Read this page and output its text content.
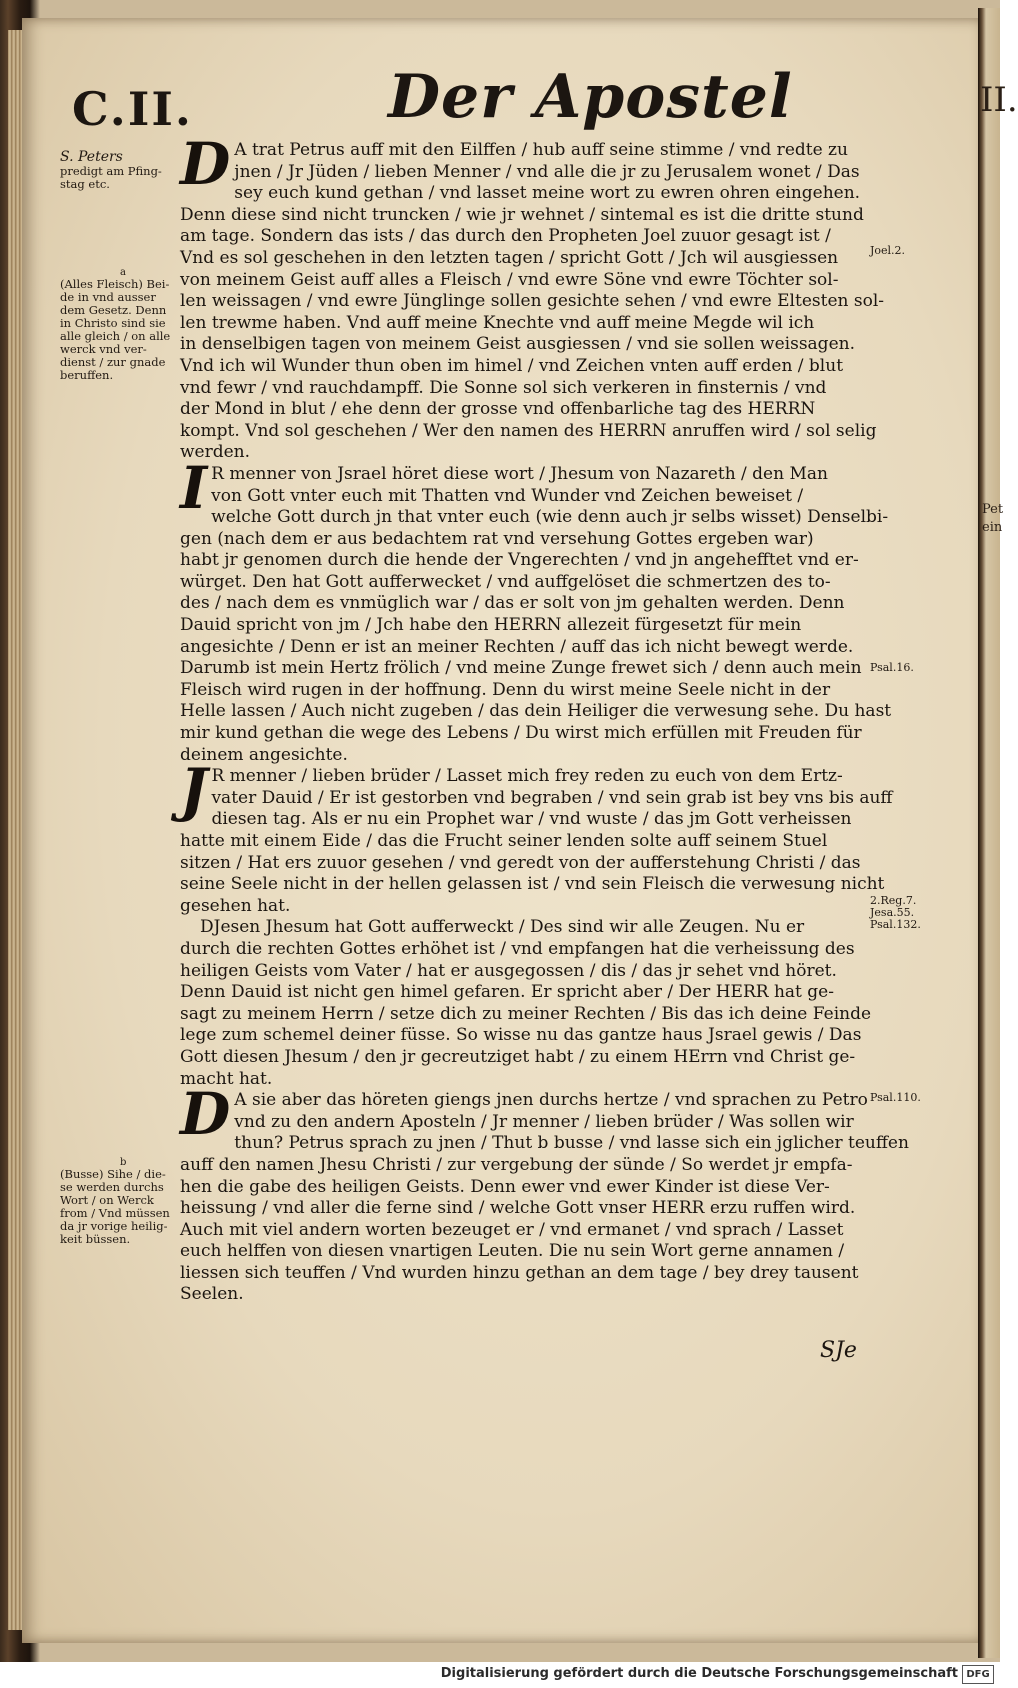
II.
Pet
ein
C.II.	Der Apostel

S. Peters

predigt am Pfing-
stag etc.

a

(Alles Fleisch) Bei-
de in vnd ausser
dem Gesetz. Denn
in Christo sind sie
alle gleich / on alle
werck vnd ver-
dienst / zur gnade
beruffen.

b

(Busse) Sihe / die-
se werden durchs
Wort / on Werck
from / Vnd müssen
da jr vorige heilig-
keit büssen.

Joel.2.
Psal.16.
2.Reg.7.
Jesa.55.
Psal.132.
Psal.110.
D A trat Petrus auff mit den Eilffen / hub auff seine stimme / vnd redte zu
jnen / Jr Jüden / lieben Menner / vnd alle die jr zu Jerusalem wonet / Das
sey euch kund gethan / vnd lasset meine wort zu ewren ohren eingehen.
Denn diese sind nicht truncken / wie jr wehnet / sintemal es ist die dritte stund
am tage. Sondern das ists / das durch den Propheten Joel zuuor gesagt ist /
Vnd es sol geschehen in den letzten tagen / spricht Gott / Jch wil ausgiessen
von meinem Geist auff alles a Fleisch / vnd ewre Söne vnd ewre Töchter sol-
len weissagen / vnd ewre Jünglinge sollen gesichte sehen / vnd ewre Eltesten sol-
len trewme haben. Vnd auff meine Knechte vnd auff meine Megde wil ich
in denselbigen tagen von meinem Geist ausgiessen / vnd sie sollen weissagen.
Vnd ich wil Wunder thun oben im himel / vnd Zeichen vnten auff erden / blut
vnd fewr / vnd rauchdampff. Die Sonne sol sich verkeren in finsternis / vnd
der Mond in blut / ehe denn der grosse vnd offenbarliche tag des HERRN
kompt. Vnd sol geschehen / Wer den namen des HERRN anruffen wird / sol selig
werden.
I R menner von Jsrael höret diese wort / Jhesum von Nazareth / den Man
von Gott vnter euch mit Thatten vnd Wunder vnd Zeichen beweiset /
welche Gott durch jn that vnter euch (wie denn auch jr selbs wisset) Denselbi-
gen (nach dem er aus bedachtem rat vnd versehung Gottes ergeben war)
habt jr genomen durch die hende der Vngerechten / vnd jn angehefftet vnd er-
würget. Den hat Gott aufferwecket / vnd auffgelöset die schmertzen des to-
des / nach dem es vnmüglich war / das er solt von jm gehalten werden. Denn
Dauid spricht von jm / Jch habe den HERRN allezeit fürgesetzt für mein
angesichte / Denn er ist an meiner Rechten / auff das ich nicht bewegt werde.
Darumb ist mein Hertz frölich / vnd meine Zunge frewet sich / denn auch mein
Fleisch wird rugen in der hoffnung. Denn du wirst meine Seele nicht in der
Helle lassen / Auch nicht zugeben / das dein Heiliger die verwesung sehe. Du hast
mir kund gethan die wege des Lebens / Du wirst mich erfüllen mit Freuden für
deinem angesichte.
J R menner / lieben brüder / Lasset mich frey reden zu euch von dem Ertz-
vater Dauid / Er ist gestorben vnd begraben / vnd sein grab ist bey vns bis auff
diesen tag. Als er nu ein Prophet war / vnd wuste / das jm Gott verheissen
hatte mit einem Eide / das die Frucht seiner lenden solte auff seinem Stuel
sitzen / Hat ers zuuor gesehen / vnd geredt von der aufferstehung Christi / das
seine Seele nicht in der hellen gelassen ist / vnd sein Fleisch die verwesung nicht
gesehen hat.
DJesen Jhesum hat Gott aufferweckt / Des sind wir alle Zeugen. Nu er
durch die rechten Gottes erhöhet ist / vnd empfangen hat die verheissung des
heiligen Geists vom Vater / hat er ausgegossen / dis / das jr sehet vnd höret.
Denn Dauid ist nicht gen himel gefaren. Er spricht aber / Der HERR hat ge-
sagt zu meinem Herrn / setze dich zu meiner Rechten / Bis das ich deine Feinde
lege zum schemel deiner füsse. So wisse nu das gantze haus Jsrael gewis / Das
Gott diesen Jhesum / den jr gecreutziget habt / zu einem HErrn vnd Christ ge-
macht hat.
D A sie aber das höreten giengs jnen durchs hertze / vnd sprachen zu Petro
vnd zu den andern Aposteln / Jr menner / lieben brüder / Was sollen wir
thun? Petrus sprach zu jnen / Thut b busse / vnd lasse sich ein jglicher teuffen
auff den namen Jhesu Christi / zur vergebung der sünde / So werdet jr empfa-
hen die gabe des heiligen Geists. Denn ewer vnd ewer Kinder ist diese Ver-
heissung / vnd aller die ferne sind / welche Gott vnser HERR erzu ruffen wird.
Auch mit viel andern worten bezeuget er / vnd ermanet / vnd sprach / Lasset
euch helffen von diesen vnartigen Leuten. Die nu sein Wort gerne annamen /
liessen sich teuffen / Vnd wurden hinzu gethan an dem tage / bey drey tausent
Seelen.
SJe
Digitalisierung gefördert durch die Deutsche Forschungsgemeinschaft DFG
